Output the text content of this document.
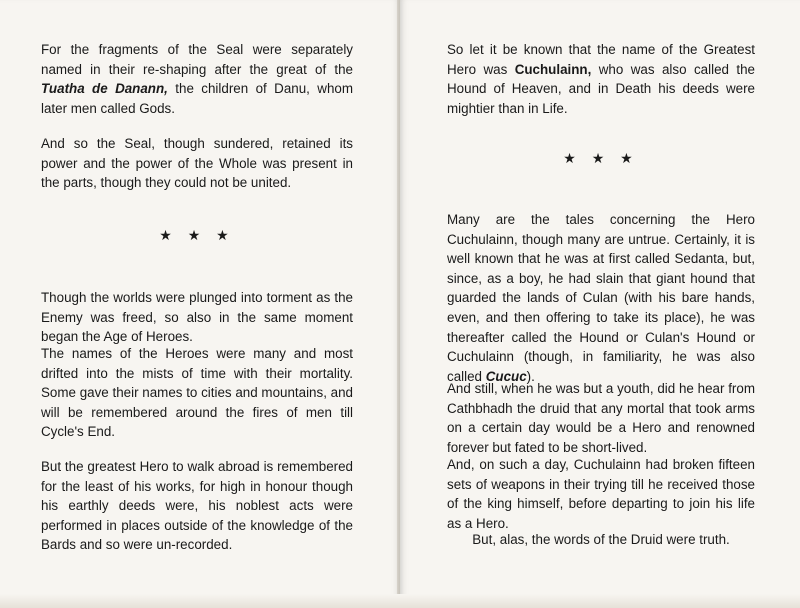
For the fragments of the Seal were separately named in their re-shaping after the great of the Tuatha de Danann, the children of Danu, whom later men called Gods.

And so the Seal, though sundered, retained its power and the power of the Whole was present in the parts, though they could not be united.

★ ★ ★

Though the worlds were plunged into torment as the Enemy was freed, so also in the same moment began the Age of Heroes.

The names of the Heroes were many and most drifted into the mists of time with their mortality. Some gave their names to cities and mountains, and will be remembered around the fires of men till Cycle's End.

But the greatest Hero to walk abroad is remembered for the least of his works, for high in honour though his earthly deeds were, his noblest acts were performed in places outside of the knowledge of the Bards and so were un-recorded.

So let it be known that the name of the Greatest Hero was Cuchulainn, who was also called the Hound of Heaven, and in Death his deeds were mightier than in Life.

★ ★ ★

Many are the tales concerning the Hero Cuchulainn, though many are untrue. Certainly, it is well known that he was at first called Sedanta, but, since, as a boy, he had slain that giant hound that guarded the lands of Culan (with his bare hands, even, and then offering to take its place), he was thereafter called the Hound or Culan's Hound or Cuchulainn (though, in familiarity, he was also called Cucuc).

And still, when he was but a youth, did he hear from Cathbhadh the druid that any mortal that took arms on a certain day would be a Hero and renowned forever but fated to be short-lived.

And, on such a day, Cuchulainn had broken fifteen sets of weapons in their trying till he received those of the king himself, before departing to join his life as a Hero.

But, alas, the words of the Druid were truth.
